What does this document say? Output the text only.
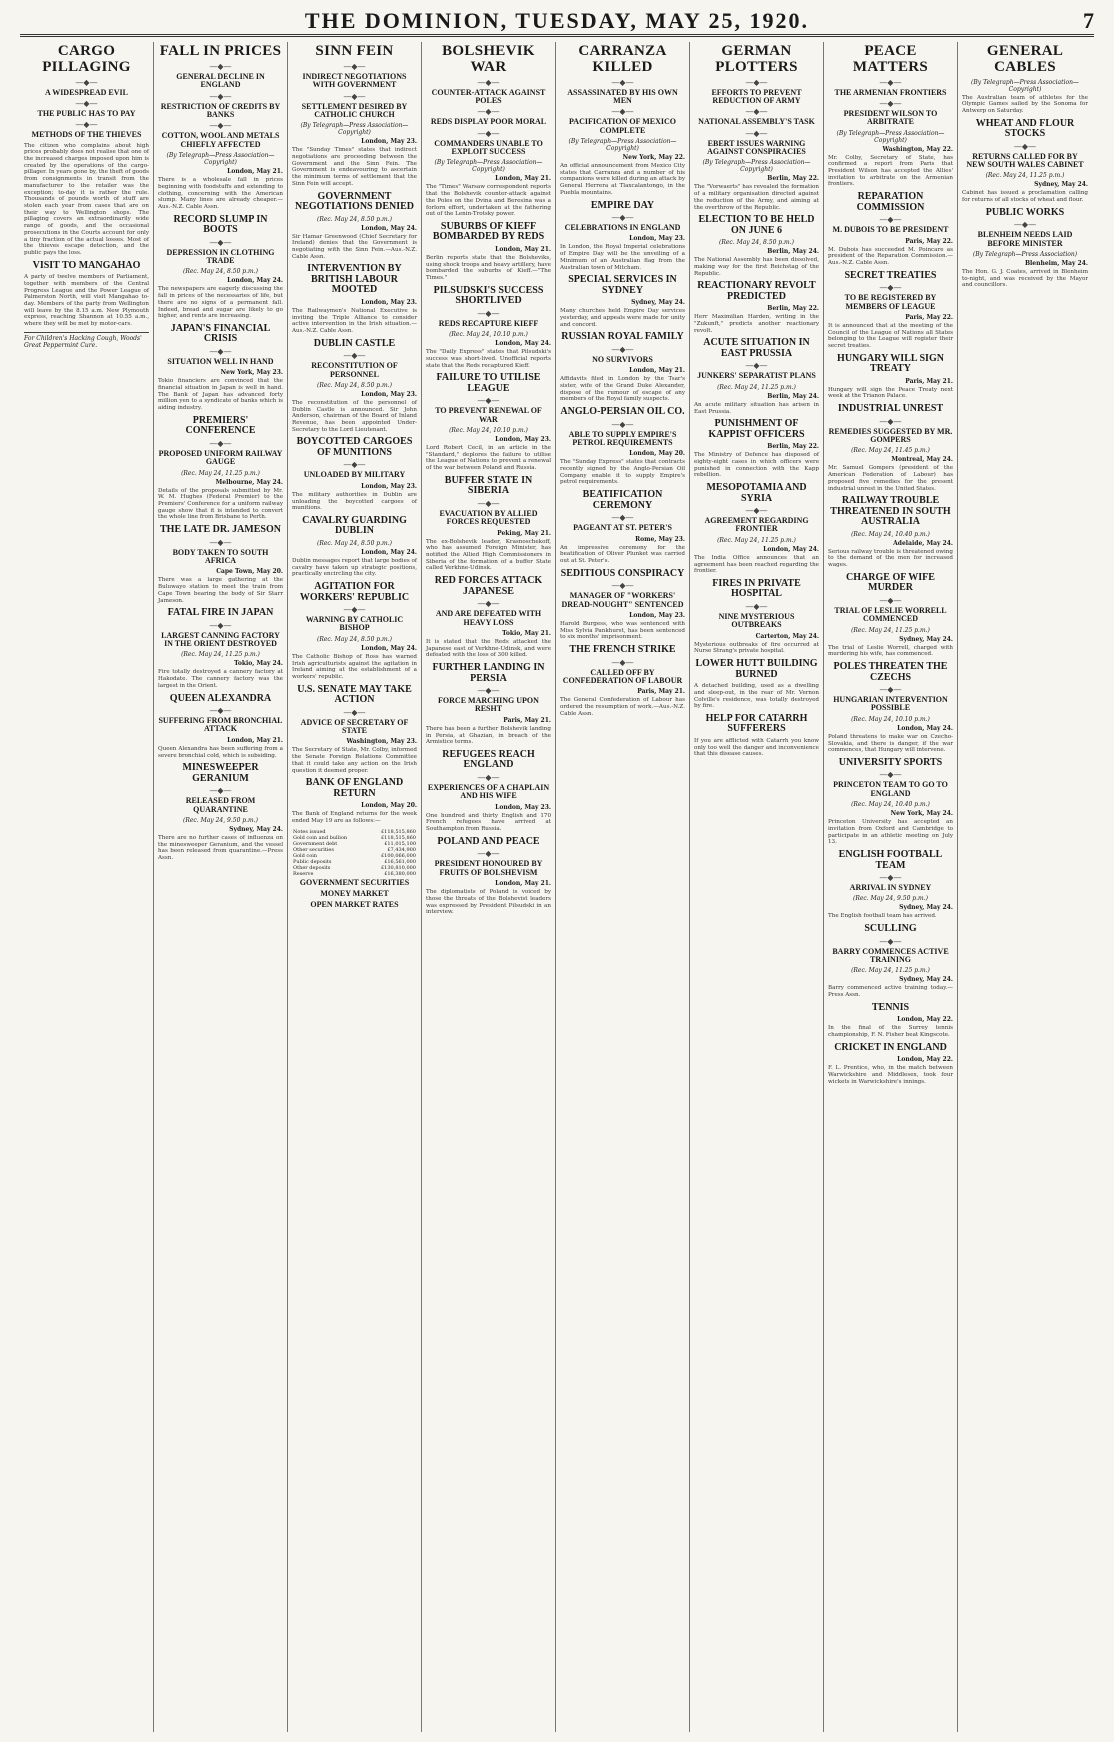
THE DOMINION, TUESDAY, MAY 25, 1920.	7
CARGO PILLAGING
—◆—
A WIDESPREAD EVIL
—◆—
THE PUBLIC HAS TO PAY
—◆—
METHODS OF THE THIEVES

The citizen who complains about high prices probably does not realise that one of the increased charges imposed upon him is created by the operations of the cargo-pillager. In years gone by, the theft of goods from consignments in transit from the manufacturer to the retailer was the exception; to-day it is rather the rule. Thousands of pounds worth of stuff are stolen each year from cases that are on their way to Wellington shops. The pillaging covers an extraordinarily wide range of goods, and the occasional prosecutions in the Courts account for only a tiny fraction of the actual losses. Most of the thieves escape detection, and the public pays the loss.

VISIT TO MANGAHAO

A party of twelve members of Parliament, together with members of the Central Progress League and the Power League of Palmerston North, will visit Mangahao to-day. Members of the party from Wellington will leave by the 8.15 a.m. New Plymouth express, reaching Shannon at 10.55 a.m., where they will be met by motor-cars.

For Children's Hacking Cough, Woods' Great Peppermint Cure.
FALL IN PRICES
—◆—
GENERAL DECLINE IN ENGLAND
—◆—
RESTRICTION OF CREDITS BY BANKS
—◆—
COTTON, WOOL AND METALS CHIEFLY AFFECTED
(By Telegraph—Press Association—Copyright)
London, May 21.

There is a wholesale fall in prices beginning with foodstuffs and extending to clothing, concerning with the American slump. Many lines are already cheaper.—Aus.-N.Z. Cable Assn.

RECORD SLUMP IN BOOTS
—◆—
DEPRESSION IN CLOTHING TRADE
(Rec. May 24, 8.50 p.m.)
London, May 24.

The newspapers are eagerly discussing the fall in prices of the necessaries of life, but there are no signs of a permanent fall. Indeed, bread and sugar are likely to go higher, and rents are increasing.

JAPAN'S FINANCIAL CRISIS
—◆—
SITUATION WELL IN HAND
New York, May 23.

Tokio financiers are convinced that the financial situation in Japan is well in hand. The Bank of Japan has advanced forty million yen to a syndicate of banks which is aiding industry.

PREMIERS' CONFERENCE
—◆—
PROPOSED UNIFORM RAILWAY GAUGE
(Rec. May 24, 11.25 p.m.)
Melbourne, May 24.

Details of the proposals submitted by Mr. W. M. Hughes (Federal Premier) to the Premiers' Conference for a uniform railway gauge show that it is intended to convert the whole line from Brisbane to Perth.

THE LATE DR. JAMESON
—◆—
BODY TAKEN TO SOUTH AFRICA
Cape Town, May 20.

There was a large gathering at the Buluwayo station to meet the train from Cape Town bearing the body of Sir Starr Jameson.

FATAL FIRE IN JAPAN
—◆—
LARGEST CANNING FACTORY IN THE ORIENT DESTROYED
(Rec. May 24, 11.25 p.m.)
Tokio, May 24.

Fire totally destroyed a cannery factory at Hakodate. The cannery factory was the largest in the Orient.

QUEEN ALEXANDRA
—◆—
SUFFERING FROM BRONCHIAL ATTACK
London, May 21.

Queen Alexandra has been suffering from a severe bronchial cold, which is subsiding.

MINESWEEPER GERANIUM
—◆—
RELEASED FROM QUARANTINE
(Rec. May 24, 9.50 p.m.)
Sydney, May 24.

There are no further cases of influenza on the minesweeper Geranium, and the vessel has been released from quarantine.—Press Assn.

SINN FEIN
—◆—
INDIRECT NEGOTIATIONS WITH GOVERNMENT
—◆—
SETTLEMENT DESIRED BY CATHOLIC CHURCH
(By Telegraph—Press Association—Copyright)
London, May 23.

The "Sunday Times" states that indirect negotiations are proceeding between the Government and the Sinn Fein. The Government is endeavouring to ascertain the minimum terms of settlement that the Sinn Fein will accept.

GOVERNMENT NEGOTIATIONS DENIED
(Rec. May 24, 8.50 p.m.)
London, May 24.

Sir Hamar Greenwood (Chief Secretary for Ireland) denies that the Government is negotiating with the Sinn Fein.—Aus.-N.Z. Cable Assn.

INTERVENTION BY BRITISH LABOUR MOOTED
London, May 23.

The Railwaymen's National Executive is inviting the Triple Alliance to consider active intervention in the Irish situation.—Aus.-N.Z. Cable Assn.

DUBLIN CASTLE
—◆—
RECONSTITUTION OF PERSONNEL
(Rec. May 24, 8.50 p.m.)
London, May 23.

The reconstitution of the personnel of Dublin Castle is announced. Sir John Anderson, chairman of the Board of Inland Revenue, has been appointed Under-Secretary to the Lord Lieutenant.

BOYCOTTED CARGOES OF MUNITIONS
—◆—
UNLOADED BY MILITARY
London, May 23.

The military authorities in Dublin are unloading the boycotted cargoes of munitions.

CAVALRY GUARDING DUBLIN
(Rec. May 24, 8.50 p.m.)
London, May 24.

Dublin messages report that large bodies of cavalry have taken up strategic positions, practically encircling the city.

AGITATION FOR WORKERS' REPUBLIC
—◆—
WARNING BY CATHOLIC BISHOP
(Rec. May 24, 8.50 p.m.)
London, May 24.

The Catholic Bishop of Ross has warned Irish agriculturists against the agitation in Ireland aiming at the establishment of a workers' republic.

U.S. SENATE MAY TAKE ACTION
—◆—
ADVICE OF SECRETARY OF STATE
Washington, May 23.

The Secretary of State, Mr. Colby, informed the Senate Foreign Relations Committee that it could take any action on the Irish question it deemed proper.

BANK OF ENGLAND RETURN
London, May 20.

The Bank of England returns for the week ended May 19 are as follows:—

Notes issued	£118,515,860
Gold coin and bullion	£118,515,860
Government debt	£11,015,100
Other securities	£7,434,900
Gold coin	£100,066,000
Public deposits	£16,561,000
Other deposits	£130,810,000
Reserve	£16,380,000
GOVERNMENT SECURITIES
MONEY MARKET
OPEN MARKET RATES
BOLSHEVIK WAR
—◆—
COUNTER-ATTACK AGAINST POLES
—◆—
REDS DISPLAY POOR MORAL
—◆—
COMMANDERS UNABLE TO EXPLOIT SUCCESS
(By Telegraph—Press Association—Copyright)
London, May 21.

The "Times" Warsaw correspondent reports that the Bolshevik counter-attack against the Poles on the Dvina and Beresina was a forlorn effort, undertaken at the fathering out of the Lenin-Trotsky power.

SUBURBS OF KIEFF BOMBARDED BY REDS
London, May 21.

Berlin reports state that the Bolsheviks, using shock troops and heavy artillery, have bombarded the suburbs of Kieff.—"The Times."

PILSUDSKI'S SUCCESS SHORTLIVED
—◆—
REDS RECAPTURE KIEFF
(Rec. May 24, 10.10 p.m.)
London, May 24.

The "Daily Express" states that Pilsudski's success was short-lived. Unofficial reports state that the Reds recaptured Kieff.

FAILURE TO UTILISE LEAGUE
—◆—
TO PREVENT RENEWAL OF WAR
(Rec. May 24, 10.10 p.m.)
London, May 23.

Lord Robert Cecil, in an article in the "Standard," deplores the failure to utilise the League of Nations to prevent a renewal of the war between Poland and Russia.

BUFFER STATE IN SIBERIA
—◆—
EVACUATION BY ALLIED FORCES REQUESTED
Peking, May 21.

The ex-Bolshevik leader, Krasnoschekoff, who has assumed Foreign Minister, has notified the Allied High Commissioners in Siberia of the formation of a buffer State called Verkhne-Udinsk.

RED FORCES ATTACK JAPANESE
—◆—
AND ARE DEFEATED WITH HEAVY LOSS
Tokio, May 21.

It is stated that the Reds attacked the Japanese east of Verkhne-Udinsk, and were defeated with the loss of 300 killed.

FURTHER LANDING IN PERSIA
—◆—
FORCE MARCHING UPON RESHT
Paris, May 21.

There has been a further Bolshevik landing in Persia, at Ghazian, in breach of the Armistice terms.

REFUGEES REACH ENGLAND
—◆—
EXPERIENCES OF A CHAPLAIN AND HIS WIFE
London, May 23.

One hundred and thirty English and 170 French refugees have arrived at Southampton from Russia.

POLAND AND PEACE
—◆—
PRESIDENT HONOURED BY FRUITS OF BOLSHEVISM
London, May 21.

The diplomatists of Poland is voiced by those the threats of the Bolshevist leaders was expressed by President Pilsudski in an interview.

CARRANZA KILLED
—◆—
ASSASSINATED BY HIS OWN MEN
—◆—
PACIFICATION OF MEXICO COMPLETE
(By Telegraph—Press Association—Copyright)
New York, May 22.

An official announcement from Mexico City states that Carranza and a number of his companions were killed during an attack by General Herrera at Tlaxcalantongo, in the Puebla mountains.

EMPIRE DAY
—◆—
CELEBRATIONS IN ENGLAND
London, May 23.

In London, the Royal Imperial celebrations of Empire Day will be the unveiling of a Minimum of an Australian flag from the Australian town of Mitcham.

SPECIAL SERVICES IN SYDNEY
Sydney, May 24.

Many churches held Empire Day services yesterday, and appeals were made for unity and concord.

RUSSIAN ROYAL FAMILY
—◆—
NO SURVIVORS
London, May 21.

Affidavits filed in London by the Tsar's sister, wife of the Grand Duke Alexander, dispose of the rumour of escape of any members of the Royal family suspects.

ANGLO-PERSIAN OIL CO.
—◆—
ABLE TO SUPPLY EMPIRE'S PETROL REQUIREMENTS
London, May 20.

The "Sunday Express" states that contracts recently signed by the Anglo-Persian Oil Company enable it to supply Empire's petrol requirements.

BEATIFICATION CEREMONY
—◆—
PAGEANT AT ST. PETER'S
Rome, May 23.

An impressive ceremony for the beatification of Oliver Plunket was carried out at St. Peter's.

SEDITIOUS CONSPIRACY
—◆—
MANAGER OF "WORKERS' DREAD-NOUGHT" SENTENCED
London, May 23.

Harold Burgess, who was sentenced with Miss Sylvia Pankhurst, has been sentenced to six months' imprisonment.

THE FRENCH STRIKE
—◆—
CALLED OFF BY CONFEDERATION OF LABOUR
Paris, May 21.

The General Confederation of Labour has ordered the resumption of work.—Aus.-N.Z. Cable Assn.

GERMAN PLOTTERS
—◆—
EFFORTS TO PREVENT REDUCTION OF ARMY
—◆—
NATIONAL ASSEMBLY'S TASK
—◆—
EBERT ISSUES WARNING AGAINST CONSPIRACIES
(By Telegraph—Press Association—Copyright)
Berlin, May 22.

The "Vorwaerts" has revealed the formation of a military organisation directed against the reduction of the Army, and aiming at the overthrow of the Republic.

ELECTION TO BE HELD ON JUNE 6
(Rec. May 24, 8.50 p.m.)
Berlin, May 24.

The National Assembly has been dissolved, making way for the first Reichstag of the Republic.

REACTIONARY REVOLT PREDICTED
Berlin, May 22.

Herr Maximilian Harden, writing in the "Zukunft," predicts another reactionary revolt.

ACUTE SITUATION IN EAST PRUSSIA
—◆—
JUNKERS' SEPARATIST PLANS
(Rec. May 24, 11.25 p.m.)
Berlin, May 24.

An acute military situation has arisen in East Prussia.

PUNISHMENT OF KAPPIST OFFICERS
Berlin, May 22.

The Ministry of Defence has disposed of eighty-eight cases in which officers were punished in connection with the Kapp rebellion.

MESOPOTAMIA AND SYRIA
—◆—
AGREEMENT REGARDING FRONTIER
(Rec. May 24, 11.25 p.m.)
London, May 24.

The India Office announces that an agreement has been reached regarding the frontier.

FIRES IN PRIVATE HOSPITAL
—◆—
NINE MYSTERIOUS OUTBREAKS
Carterton, May 24.

Mysterious outbreaks of fire occurred at Nurse Strang's private hospital.

LOWER HUTT BUILDING BURNED

A detached building, used as a dwelling and sleep-out, in the rear of Mr. Vernon Colville's residence, was totally destroyed by fire.

HELP FOR CATARRH SUFFERERS

If you are afflicted with Catarrh you know only too well the danger and inconvenience that this disease causes.

PEACE MATTERS
—◆—
THE ARMENIAN FRONTIERS
—◆—
PRESIDENT WILSON TO ARBITRATE
(By Telegraph—Press Association—Copyright)
Washington, May 22.

Mr. Colby, Secretary of State, has confirmed a report from Paris that President Wilson has accepted the Allies' invitation to arbitrate on the Armenian frontiers.

REPARATION COMMISSION
—◆—
M. DUBOIS TO BE PRESIDENT
Paris, May 22.

M. Dubois has succeeded M. Poincare as president of the Reparation Commission.—Aus.-N.Z. Cable Assn.

SECRET TREATIES
—◆—
TO BE REGISTERED BY MEMBERS OF LEAGUE
Paris, May 22.

It is announced that at the meeting of the Council of the League of Nations all States belonging to the League will register their secret treaties.

HUNGARY WILL SIGN TREATY
Paris, May 21.

Hungary will sign the Peace Treaty next week at the Trianon Palace.

INDUSTRIAL UNREST
—◆—
REMEDIES SUGGESTED BY MR. GOMPERS
(Rec. May 24, 11.45 p.m.)
Montreal, May 24.

Mr. Samuel Gompers (president of the American Federation of Labour) has proposed five remedies for the present industrial unrest in the United States.

RAILWAY TROUBLE THREATENED IN SOUTH AUSTRALIA
(Rec. May 24, 10.40 p.m.)
Adelaide, May 24.

Serious railway trouble is threatened owing to the demand of the men for increased wages.

CHARGE OF WIFE MURDER
—◆—
TRIAL OF LESLIE WORRELL COMMENCED
(Rec. May 24, 11.25 p.m.)
Sydney, May 24.

The trial of Leslie Worrell, charged with murdering his wife, has commenced.

POLES THREATEN THE CZECHS
—◆—
HUNGARIAN INTERVENTION POSSIBLE
(Rec. May 24, 10.10 p.m.)
London, May 24.

Poland threatens to make war on Czecho-Slovakia, and there is danger, if the war commences, that Hungary will intervene.

UNIVERSITY SPORTS
—◆—
PRINCETON TEAM TO GO TO ENGLAND
(Rec. May 24, 10.40 p.m.)
New York, May 24.

Princeton University has accepted an invitation from Oxford and Cambridge to participate in an athletic meeting on July 13.

ENGLISH FOOTBALL TEAM
—◆—
ARRIVAL IN SYDNEY
(Rec. May 24, 9.50 p.m.)
Sydney, May 24.

The English football team has arrived.

SCULLING
—◆—
BARRY COMMENCES ACTIVE TRAINING
(Rec. May 24, 11.25 p.m.)
Sydney, May 24.

Barry commenced active training today.—Press Assn.

TENNIS
London, May 22.

In the final of the Surrey tennis championship, F. N. Fisher beat Kingscote.

CRICKET IN ENGLAND
London, May 22.

F. L. Prentice, who, in the match between Warwickshire and Middlesex, took four wickets in Warwickshire's innings.

GENERAL CABLES
(By Telegraph—Press Association—Copyright)

The Australian team of athletes for the Olympic Games sailed by the Sonoma for Antwerp on Saturday.

WHEAT AND FLOUR STOCKS
—◆—
RETURNS CALLED FOR BY NEW SOUTH WALES CABINET
(Rec. May 24, 11.25 p.m.)
Sydney, May 24.

Cabinet has issued a proclamation calling for returns of all stocks of wheat and flour.

PUBLIC WORKS
—◆—
BLENHEIM NEEDS LAID BEFORE MINISTER
(By Telegraph—Press Association)
Blenheim, May 24.

The Hon. G. J. Coates, arrived in Blenheim to-night, and was received by the Mayor and councillors.
